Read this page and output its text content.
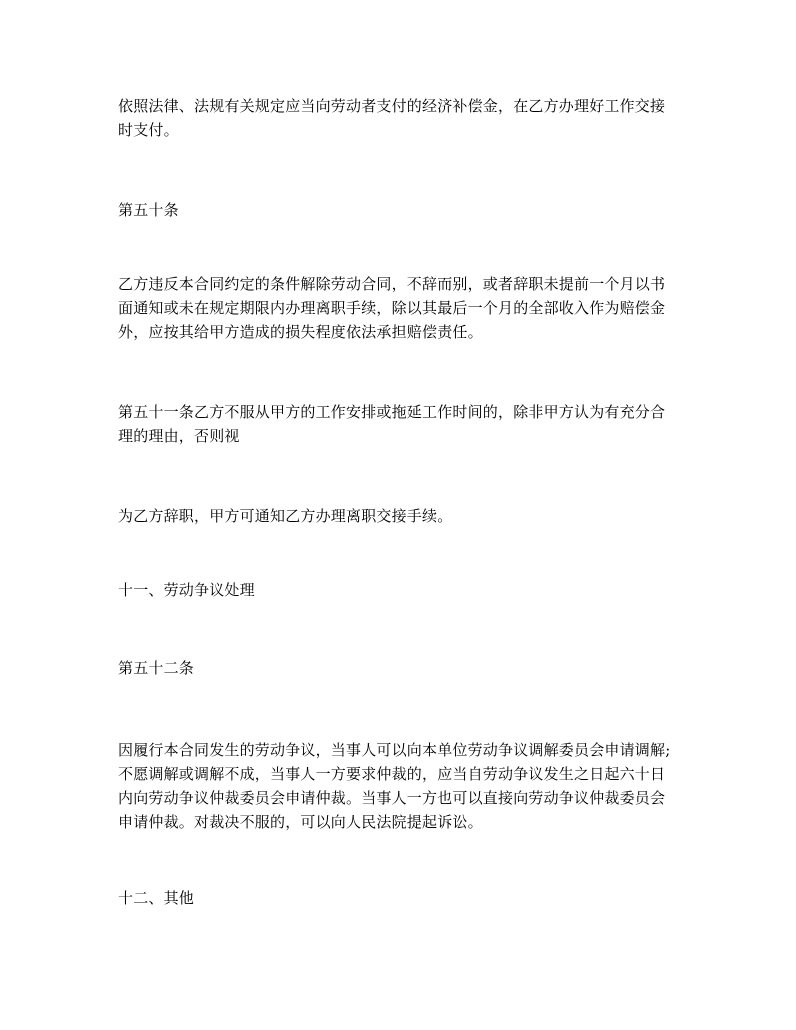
依照法律、法规有关规定应当向劳动者支付的经济补偿金，在乙方办理好工作交接
时支付。

第五十条

乙方违反本合同约定的条件解除劳动合同，不辞而别，或者辞职未提前一个月以书
面通知或未在规定期限内办理离职手续，除以其最后一个月的全部收入作为赔偿金
外，应按其给甲方造成的损失程度依法承担赔偿责任。

第五十一条乙方不服从甲方的工作安排或拖延工作时间的，除非甲方认为有充分合
理的理由，否则视

为乙方辞职，甲方可通知乙方办理离职交接手续。

十一、劳动争议处理

第五十二条

因履行本合同发生的劳动争议，当事人可以向本单位劳动争议调解委员会申请调解;
不愿调解或调解不成，当事人一方要求仲裁的，应当自劳动争议发生之日起六十日
内向劳动争议仲裁委员会申请仲裁。当事人一方也可以直接向劳动争议仲裁委员会
申请仲裁。对裁决不服的，可以向人民法院提起诉讼。

十二、其他
